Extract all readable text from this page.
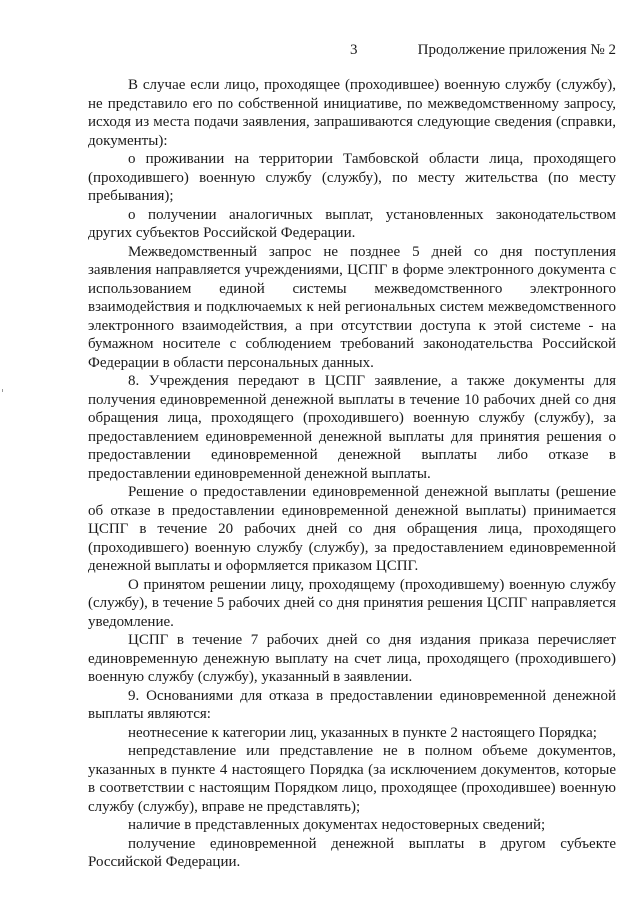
3	Продолжение приложения № 2

В случае если лицо, проходящее (проходившее) военную службу (службу), не представило его по собственной инициативе, по межведомственному запросу, исходя из места подачи заявления, запрашиваются следующие сведения (справки, документы):

о проживании на территории Тамбовской области лица, проходящего (проходившего) военную службу (службу), по месту жительства (по месту пребывания);

о получении аналогичных выплат, установленных законодательством других субъектов Российской Федерации.

Межведомственный запрос не позднее 5 дней со дня поступления заявления направляется учреждениями, ЦСПГ в форме электронного документа с использованием единой системы межведомственного электронного взаимодействия и подключаемых к ней региональных систем межведомственного электронного взаимодействия, а при отсутствии доступа к этой системе - на бумажном носителе с соблюдением требований законодательства Российской Федерации в области персональных данных.

8. Учреждения передают в ЦСПГ заявление, а также документы для получения единовременной денежной выплаты в течение 10 рабочих дней со дня обращения лица, проходящего (проходившего) военную службу (службу), за предоставлением единовременной денежной выплаты для принятия решения о предоставлении единовременной денежной выплаты либо отказе в предоставлении единовременной денежной выплаты.

Решение о предоставлении единовременной денежной выплаты (решение об отказе в предоставлении единовременной денежной выплаты) принимается ЦСПГ в течение 20 рабочих дней со дня обращения лица, проходящего (проходившего) военную службу (службу), за предоставлением единовременной денежной выплаты и оформляется приказом ЦСПГ.

О принятом решении лицу, проходящему (проходившему) военную службу (службу), в течение 5 рабочих дней со дня принятия решения ЦСПГ направляется уведомление.

ЦСПГ в течение 7 рабочих дней со дня издания приказа перечисляет единовременную денежную выплату на счет лица, проходящего (проходившего) военную службу (службу), указанный в заявлении.

9. Основаниями для отказа в предоставлении единовременной денежной выплаты являются:

неотнесение к категории лиц, указанных в пункте 2 настоящего Порядка;

непредставление или представление не в полном объеме документов, указанных в пункте 4 настоящего Порядка (за исключением документов, которые в соответствии с настоящим Порядком лицо, проходящее (проходившее) военную службу (службу), вправе не представлять);

наличие в представленных документах недостоверных сведений;

получение единовременной денежной выплаты в другом субъекте Российской Федерации.
